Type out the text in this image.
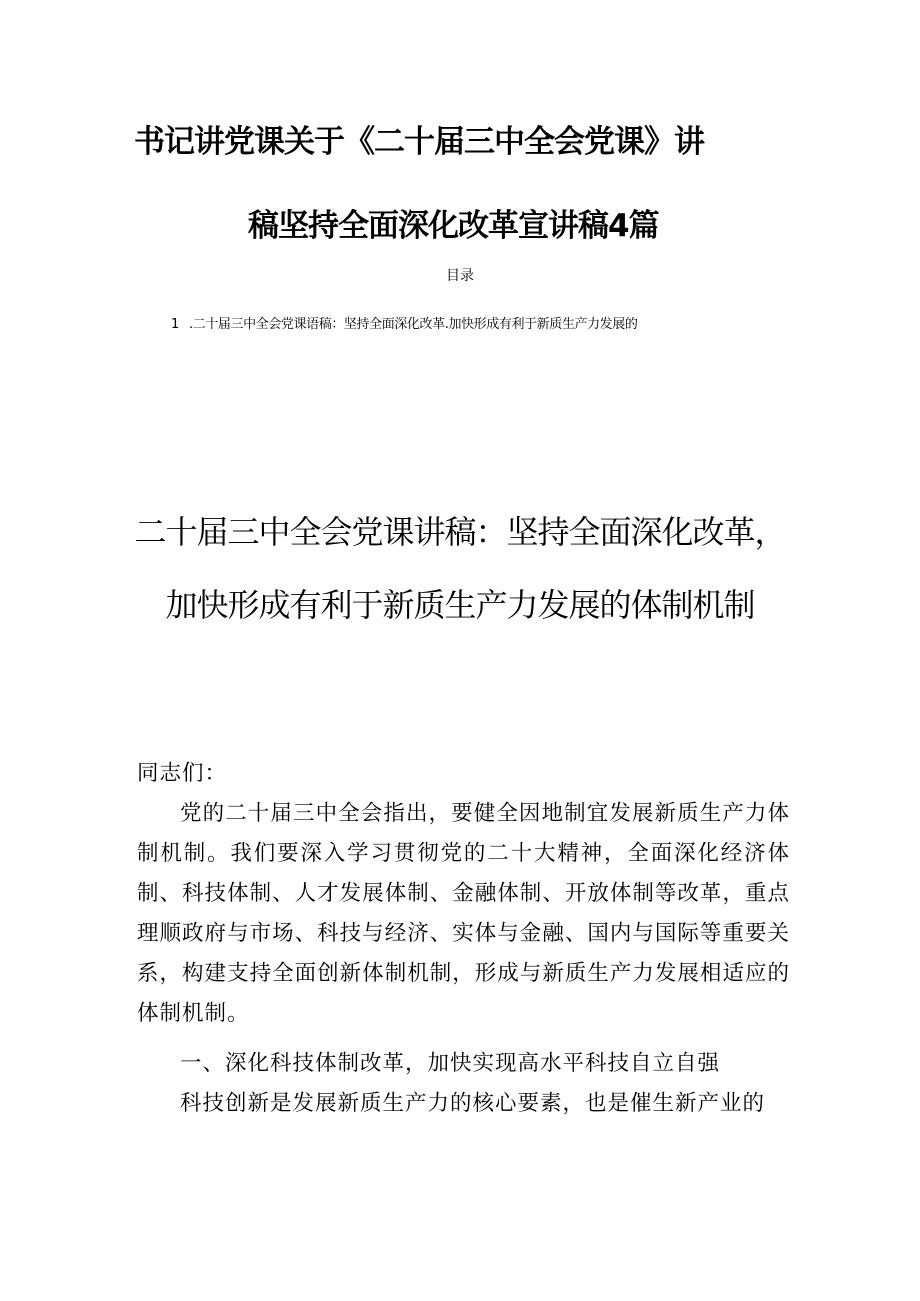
书记讲党课关于《二十届三中全会党课》讲
稿坚持全面深化改革宣讲稿4篇
目录
1 .二十届三中全会党课语稿：坚持全面深化改革.加快形成有利于新质生产力发展的
二十届三中全会党课讲稿：坚持全面深化改革，加快形成有利于新质生产力发展的体制机制

同志们：

党的二十届三中全会指出，要健全因地制宜发展新质生产力体制机制。我们要深入学习贯彻党的二十大精神，全面深化经济体制、科技体制、人才发展体制、金融体制、开放体制等改革，重点理顺政府与市场、科技与经济、实体与金融、国内与国际等重要关系，构建支持全面创新体制机制，形成与新质生产力发展相适应的体制机制。

一、深化科技体制改革，加快实现高水平科技自立自强

科技创新是发展新质生产力的核心要素，也是催生新产业的
